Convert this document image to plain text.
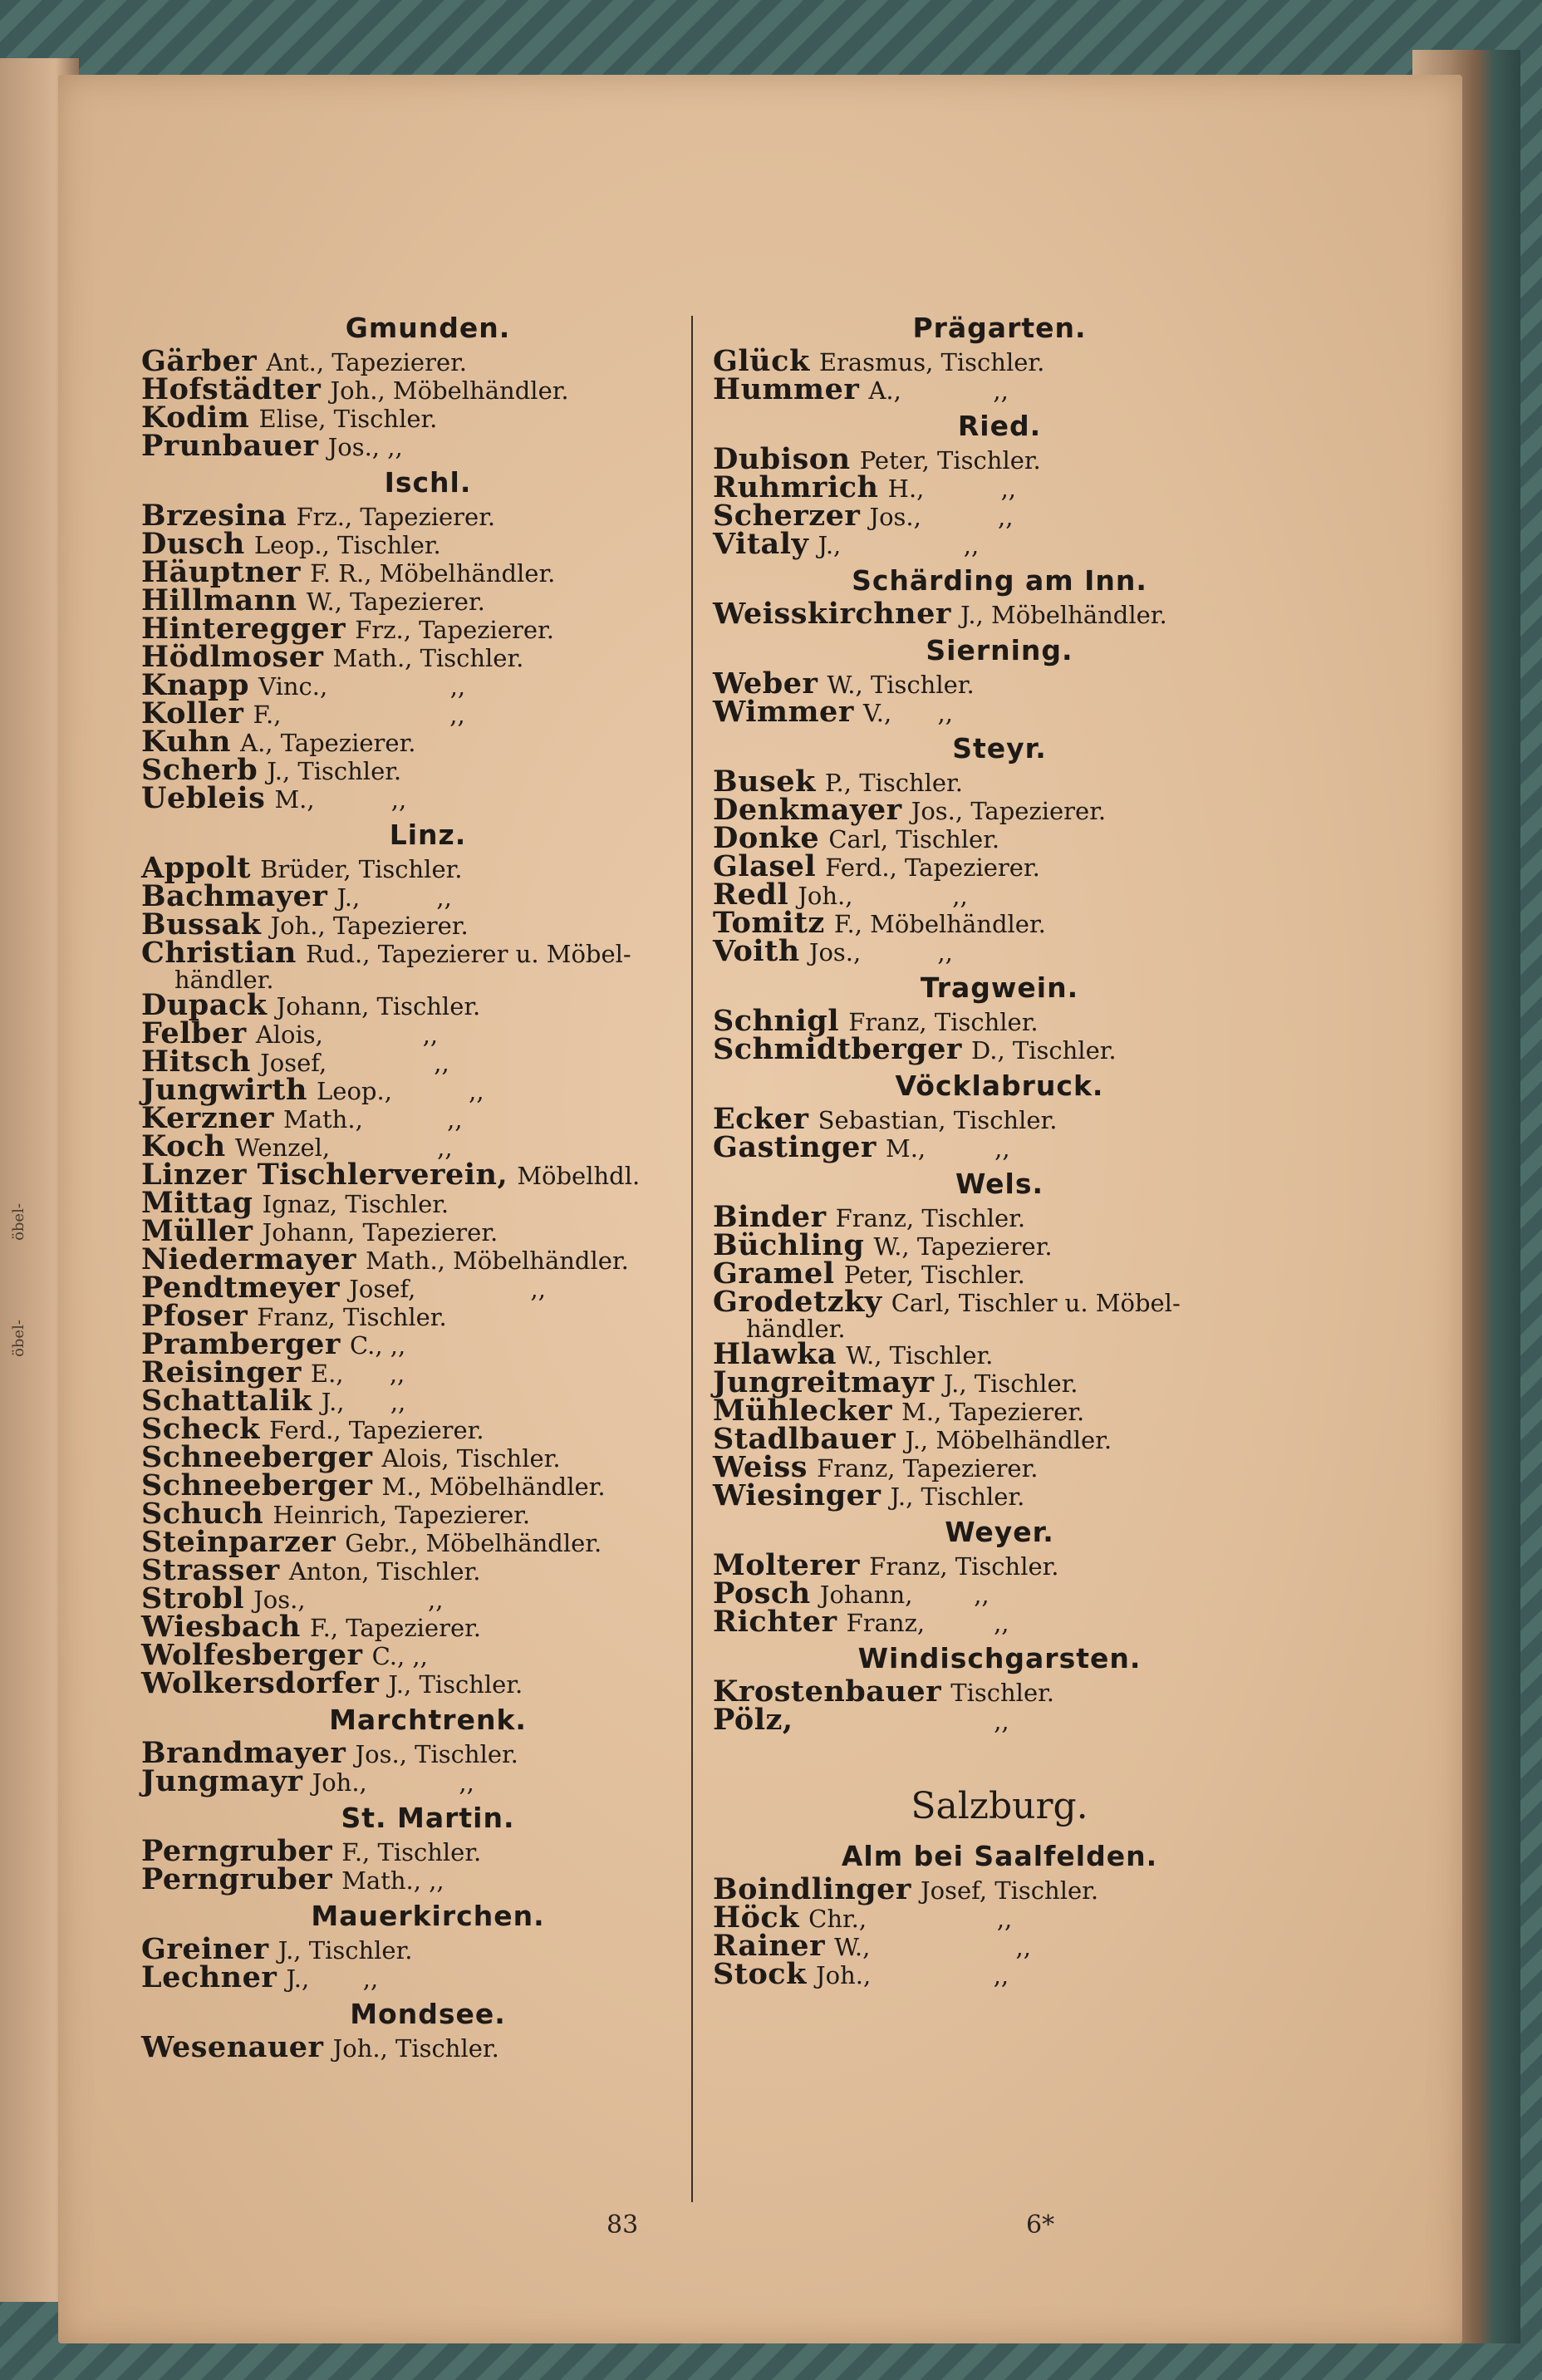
öbel-
öbel-
Gmunden.
Gärber Ant., Tapezierer.
Hofstädter Joh., Möbelhändler.
Kodim Elise, Tischler.
Prunbauer Jos., ,,
Ischl.
Brzesina Frz., Tapezierer.
Dusch Leop., Tischler.
Häuptner F. R., Möbelhändler.
Hillmann W., Tapezierer.
Hinteregger Frz., Tapezierer.
Hödlmoser Math., Tischler.
Knapp Vinc.,                ,,
Koller F.,                      ,,
Kuhn A., Tapezierer.
Scherb J., Tischler.
Uebleis M.,          ,,
Linz.
Appolt Brüder, Tischler.
Bachmayer J.,          ,,
Bussak Joh., Tapezierer.
Christian Rud., Tapezierer u. Möbel-
händler.
Dupack Johann, Tischler.
Felber Alois,             ,,
Hitsch Josef,              ,,
Jungwirth Leop.,          ,,
Kerzner Math.,           ,,
Koch Wenzel,              ,,
Linzer Tischlerverein, Möbelhdl.
Mittag Ignaz, Tischler.
Müller Johann, Tapezierer.
Niedermayer Math., Möbelhändler.
Pendtmeyer Josef,               ,,
Pfoser Franz, Tischler.
Pramberger C., ,,
Reisinger E.,      ,,
Schattalik J.,      ,,
Scheck Ferd., Tapezierer.
Schneeberger Alois, Tischler.
Schneeberger M., Möbelhändler.
Schuch Heinrich, Tapezierer.
Steinparzer Gebr., Möbelhändler.
Strasser Anton, Tischler.
Strobl Jos.,                ,,
Wiesbach F., Tapezierer.
Wolfesberger C., ,,
Wolkersdorfer J., Tischler.
Marchtrenk.
Brandmayer Jos., Tischler.
Jungmayr Joh.,            ,,
St. Martin.
Perngruber F., Tischler.
Perngruber Math., ,,
Mauerkirchen.
Greiner J., Tischler.
Lechner J.,       ,,
Mondsee.
Wesenauer Joh., Tischler.
Prägarten.
Glück Erasmus, Tischler.
Hummer A.,            ,,
Ried.
Dubison Peter, Tischler.
Ruhmrich H.,          ,,
Scherzer Jos.,          ,,
Vitaly J.,                ,,
Schärding am Inn.
Weisskirchner J., Möbelhändler.
Sierning.
Weber W., Tischler.
Wimmer V.,      ,,
Steyr.
Busek P., Tischler.
Denkmayer Jos., Tapezierer.
Donke Carl, Tischler.
Glasel Ferd., Tapezierer.
Redl Joh.,             ,,
Tomitz F., Möbelhändler.
Voith Jos.,          ,,
Tragwein.
Schnigl Franz, Tischler.
Schmidtberger D., Tischler.
Vöcklabruck.
Ecker Sebastian, Tischler.
Gastinger M.,         ,,
Wels.
Binder Franz, Tischler.
Büchling W., Tapezierer.
Gramel Peter, Tischler.
Grodetzky Carl, Tischler u. Möbel-
händler.
Hlawka W., Tischler.
Jungreitmayr J., Tischler.
Mühlecker M., Tapezierer.
Stadlbauer J., Möbelhändler.
Weiss Franz, Tapezierer.
Wiesinger J., Tischler.
Weyer.
Molterer Franz, Tischler.
Posch Johann,        ,,
Richter Franz,         ,,
Windischgarsten.
Krostenbauer Tischler.
Pölz,                          ,,
Salzburg.
Alm bei Saalfelden.
Boindlinger Josef, Tischler.
Höck Chr.,                 ,,
Rainer W.,                   ,,
Stock Joh.,                ,,
83	6*
